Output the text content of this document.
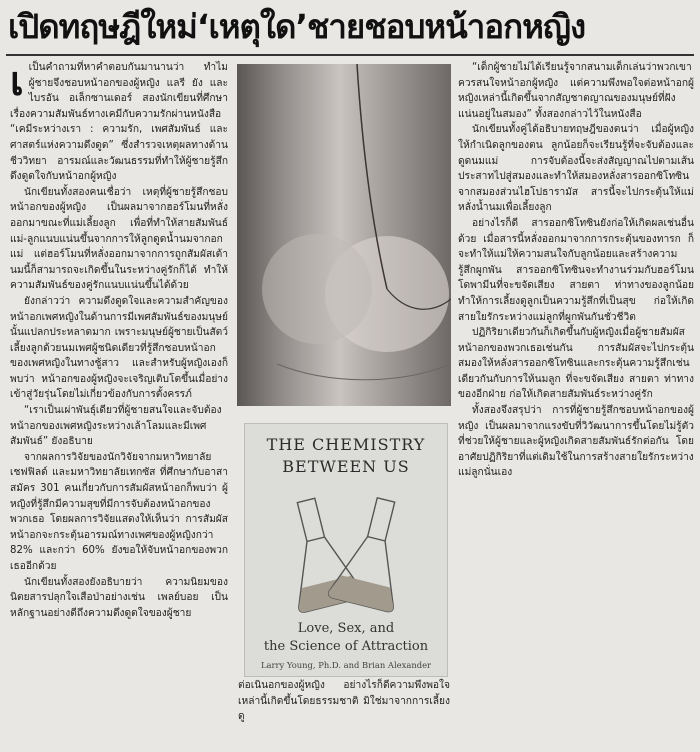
เปิดทฤษฎีใหม่‘เหตุใด’ชายชอบหน้าอกหญิง

เเป็นคำถามที่หาคำตอบกันมานานว่า ทำไมผู้ชายจึงชอบหน้าอกของผู้หญิง แลรี ยัง และไบรอัน อเล็กซานเดอร์ สองนักเขียนที่ศึกษาเรื่องความสัมพันธ์ทางเคมีกับความรักผ่านหนังสือ “เคมีระหว่างเรา : ความรัก, เพศสัมพันธ์ และศาสตร์แห่งความดึงดูด” ซึ่งสำรวจเหตุผลทางด้านชีววิทยา อารมณ์และวัฒนธรรมที่ทำให้ผู้ชายรู้สึกดึงดูดใจกับหน้าอกผู้หญิง

นักเขียนทั้งสองคนเชื่อว่า เหตุที่ผู้ชายรู้สึกชอบหน้าอกของผู้หญิง เป็นผลมาจากฮอร์โมนที่หลั่งออกมาขณะที่แม่เลี้ยงลูก เพื่อที่ทำให้สายสัมพันธ์แม่-ลูกแนบแน่นขึ้นจากการให้ลูกดูดน้ำนมจากอกแม่ แต่ฮอร์โมนที่หลั่งออกมาจากการถูกสัมผัสเต้านมนี้ก็สามารถจะเกิดขึ้นในระหว่างคู่รักก็ได้ ทำให้ความสัมพันธ์ของคู่รักแนบแน่นขึ้นได้ด้วย

ยังกล่าวว่า ความดึงดูดใจและความสำคัญของหน้าอกเพศหญิงในด้านการมีเพศสัมพันธ์ของมนุษย์นั้นแปลกประหลาดมาก เพราะมนุษย์ผู้ชายเป็นสัตว์เลี้ยงลูกด้วยนมเพศผู้ชนิดเดียวที่รู้สึกชอบหน้าอกของเพศหญิงในทางชู้สาว และสำหรับผู้หญิงเองก็พบว่า หน้าอกของผู้หญิงจะเจริญเติบโตขึ้นเมื่อย่างเข้าสู่วัยรุ่นโดยไม่เกี่ยวข้องกับการตั้งครรภ์

“เราเป็นเผ่าพันธุ์เดียวที่ผู้ชายสนใจและจับต้องหน้าอกของเพศหญิงระหว่างเล้าโลมและมีเพศสัมพันธ์” ยังอธิบาย

จากผลการวิจัยของนักวิจัยจากมหาวิทยาลัยเชฟฟิลด์ และมหาวิทยาลัยเทกซัส ที่ศึกษากับอาสาสมัคร 301 คนเกี่ยวกับการสัมผัสหน้าอกก็พบว่า ผู้หญิงที่รู้สึกมีความสุขที่มีการจับต้องหน้าอกของพวกเธอ โดยผลการวิจัยแสดงให้เห็นว่า การสัมผัสหน้าอกจะกระตุ้นอารมณ์ทางเพศของผู้หญิงกว่า 82% และกว่า 60% ยังขอให้จับหน้าอกของพวกเธออีกด้วย

นักเขียนทั้งสองยังอธิบายว่า ความนิยมของนิตยสารปลุกใจเสือป่าอย่างเช่น เพลย์บอย เป็นหลักฐานอย่างดีถึงความดึงดูดใจของผู้ชาย

THE CHEMISTRY
BETWEEN US
Love, Sex, and
the Science of Attraction
Larry Young, Ph.D. and Brian Alexander

ต่อเนินอกของผู้หญิง อย่างไรก็ดีความพึงพอใจเหล่านี้เกิดขึ้นโดยธรรมชาติ มิใช่มาจากการเลี้ยงดู

“เด็กผู้ชายไม่ได้เรียนรู้จากสนามเด็กเล่นว่าพวกเขาควรสนใจหน้าอกผู้หญิง แต่ความพึงพอใจต่อหน้าอกผู้หญิงเหล่านี้เกิดขึ้นจากสัญชาตญาณของมนุษย์ที่ฝังแน่นอยู่ในสมอง” ทั้งสองกล่าวไว้ในหนังสือ

นักเขียนทั้งคู่ได้อธิบายทฤษฎีของตนว่า เมื่อผู้หญิงให้กำเนิดลูกของตน ลูกน้อยก็จะเรียนรู้ที่จะจับต้องและดูดนมแม่ การจับต้องนี้จะส่งสัญญาณไปตามเส้นประสาทไปสู่สมองและทำให้สมองหลั่งสารออกซิโทซิน จากสมองส่วนไฮโปธารามัส สารนี้จะไปกระตุ้นให้แม่หลั่งน้ำนมเพื่อเลี้ยงลูก

อย่างไรก็ดี สารออกซิโทซินยังก่อให้เกิดผลเช่นอื่นด้วย เมื่อสารนี้หลั่งออกมาจากการกระตุ้นของทารก ก็จะทำให้แม่ให้ความสนใจกับลูกน้อยและสร้างความรู้สึกผูกพัน สารออกซิโทซินจะทำงานร่วมกับฮอร์โมนโดพามีนที่จะขจัดเสียง สายตา ท่าทางของลูกน้อย ทำให้การเลี้ยงดูลูกเป็นความรู้สึกที่เป็นสุข ก่อให้เกิดสายใยรักระหว่างแม่ลูกที่ผูกพันกันชั่วชีวิต

ปฏิกิริยาเดียวกันก็เกิดขึ้นกับผู้หญิงเมื่อผู้ชายสัมผัสหน้าอกของพวกเธอเช่นกัน การสัมผัสจะไปกระตุ้นสมองให้หลั่งสารออกซิโทซินและกระตุ้นความรู้สึกเช่นเดียวกันกับการให้นมลูก ที่จะขจัดเสียง สายตา ท่าทางของอีกฝ่าย ก่อให้เกิดสายสัมพันธ์ระหว่างคู่รัก

ทั้งสองจึงสรุปว่า การที่ผู้ชายรู้สึกชอบหน้าอกของผู้หญิง เป็นผลมาจากแรงขับที่วิวัฒนาการขึ้นโดยไม่รู้ตัว ที่ช่วยให้ผู้ชายและผู้หญิงเกิดสายสัมพันธ์รักต่อกัน โดยอาศัยปฏิกิริยาที่แต่เดิมใช้ในการสร้างสายใยรักระหว่างแม่ลูกนั่นเอง
